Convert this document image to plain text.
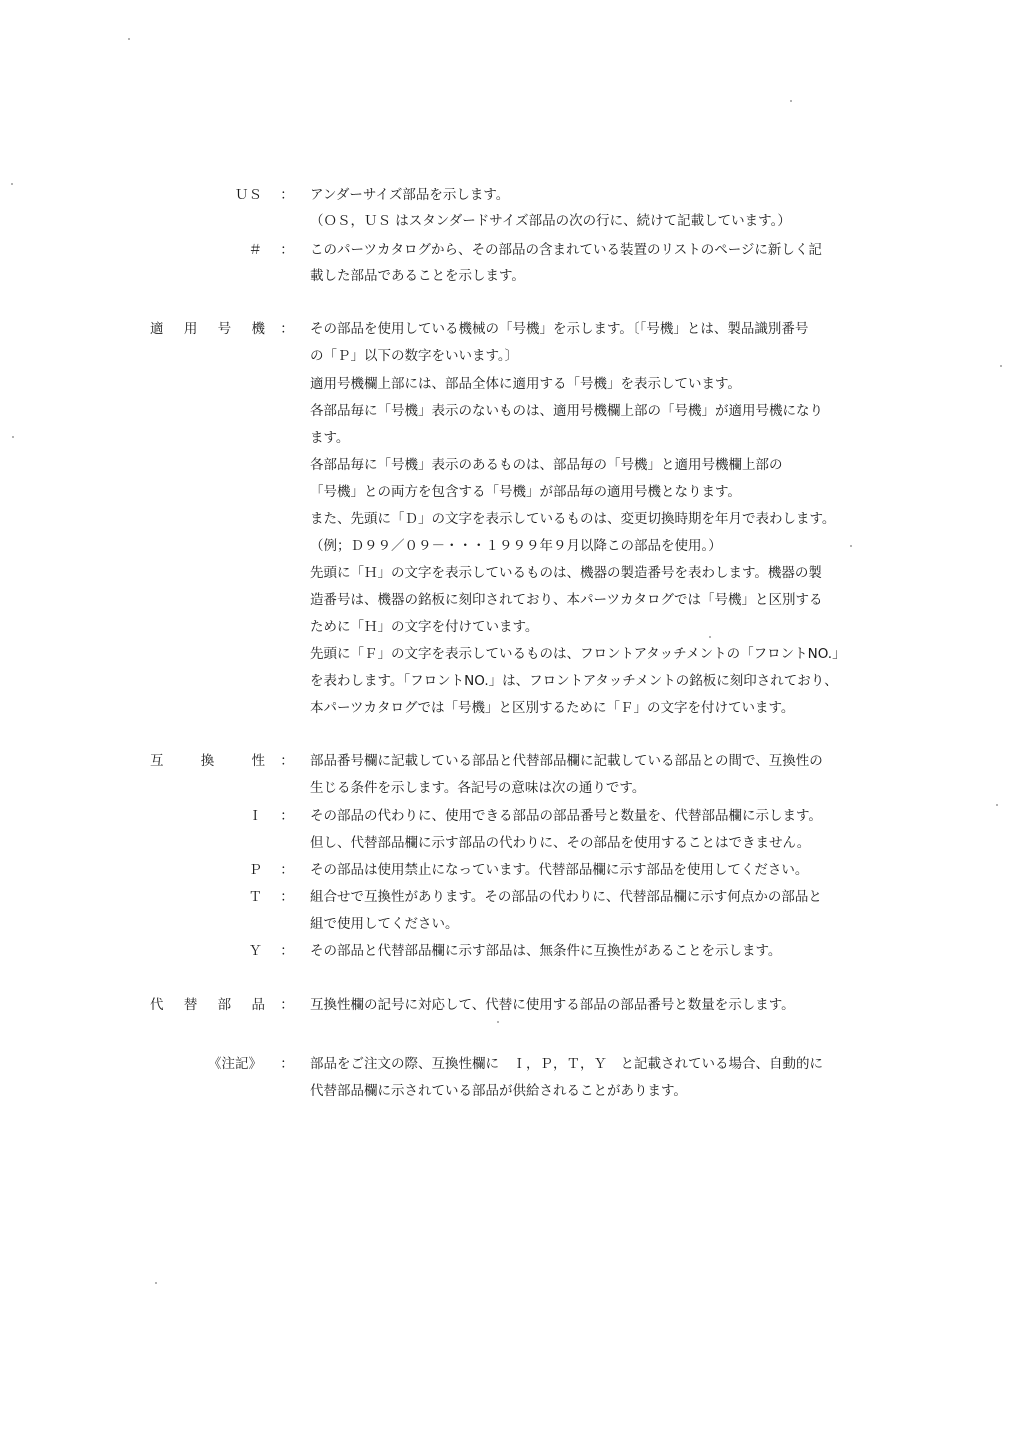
ＵＳ ： アンダーサイズ部品を示します。
（ＯＳ，ＵＳ はスタンダードサイズ部品の次の行に、続けて記載しています。）
＃ ： このパーツカタログから、その部品の含まれている装置のリストのページに新しく記
載した部品であることを示します。
適用号機 ： その部品を使用している機械の「号機」を示します。〔「号機」とは、製品識別番号
の「Ｐ」以下の数字をいいます。〕
適用号機欄上部には、部品全体に適用する「号機」を表示しています。
各部品毎に「号機」表示のないものは、適用号機欄上部の「号機」が適用号機になり
ます。
各部品毎に「号機」表示のあるものは、部品毎の「号機」と適用号機欄上部の
「号機」との両方を包含する「号機」が部品毎の適用号機となります。
また、先頭に「Ｄ」の文字を表示しているものは、変更切換時期を年月で表わします。
（例；Ｄ９９／０９－・・・１９９９年９月以降この部品を使用。）
先頭に「Ｈ」の文字を表示しているものは、機器の製造番号を表わします。機器の製
造番号は、機器の銘板に刻印されており、本パーツカタログでは「号機」と区別する
ために「Ｈ」の文字を付けています。
先頭に「Ｆ」の文字を表示しているものは、フロントアタッチメントの「フロントNO.」
を表わします。「フロントNO.」は、フロントアタッチメントの銘板に刻印されており、
本パーツカタログでは「号機」と区別するために「Ｆ」の文字を付けています。
互換性 ： 部品番号欄に記載している部品と代替部品欄に記載している部品との間で、互換性の
生じる条件を示します。各記号の意味は次の通りです。
Ｉ ： その部品の代わりに、使用できる部品の部品番号と数量を、代替部品欄に示します。
但し、代替部品欄に示す部品の代わりに、その部品を使用することはできません。
Ｐ ： その部品は使用禁止になっています。代替部品欄に示す部品を使用してください。
Ｔ ： 組合せで互換性があります。その部品の代わりに、代替部品欄に示す何点かの部品と
組で使用してください。
Ｙ ： その部品と代替部品欄に示す部品は、無条件に互換性があることを示します。
代替部品 ： 互換性欄の記号に対応して、代替に使用する部品の部品番号と数量を示します。
《注記》 ： 部品をご注文の際、互換性欄に　Ｉ，Ｐ，Ｔ，Ｙ　と記載されている場合、自動的に
代替部品欄に示されている部品が供給されることがあります。
